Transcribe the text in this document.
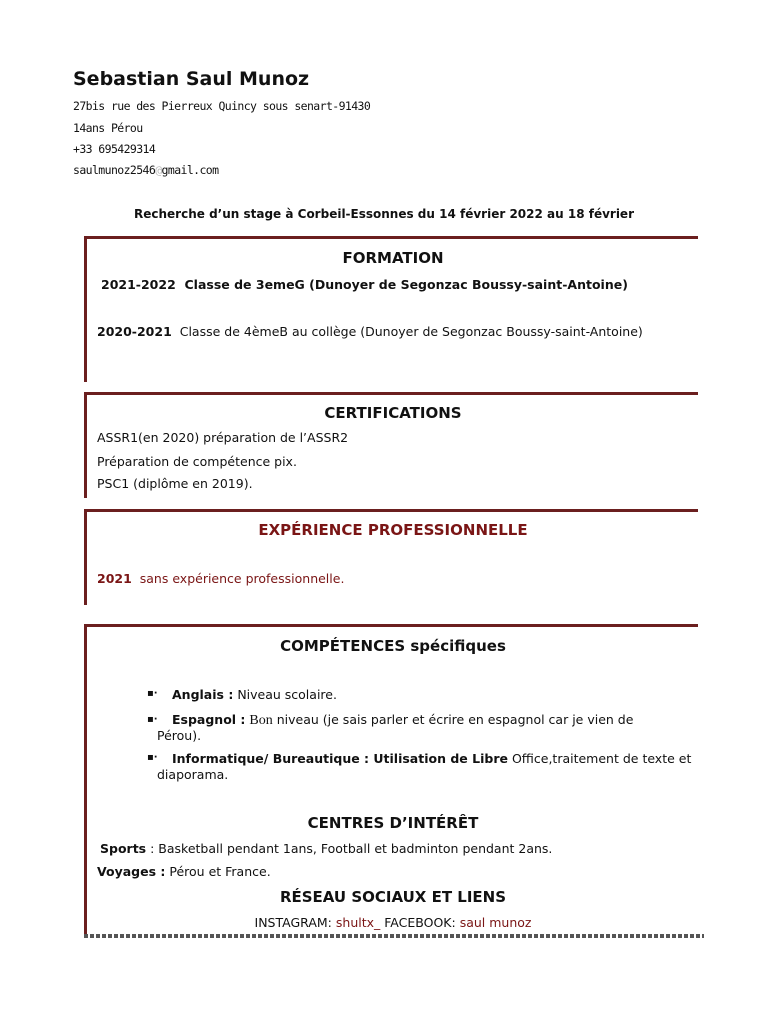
Sebastian Saul Munoz
27bis rue des Pierreux Quincy sous senart-91430
14ans Pérou
+33 695429314
saulmunoz2546@gmail.com
Recherche d’un stage à Corbeil-Essonnes du 14 février 2022 au 18 février
FORMATION
2021-2022 Classe de 3emeG (Dunoyer de Segonzac Boussy-saint-Antoine)
2020-2021 Classe de 4èmeB au collège (Dunoyer de Segonzac Boussy-saint-Antoine)
CERTIFICATIONS
ASSR1(en 2020) préparation de l’ASSR2
Préparation de compétence pix.
PSC1 (diplôme en 2019).
EXPÉRIENCE PROFESSIONNELLE
2021 sans expérience professionnelle.
COMPÉTENCES spécifiques
▪· Anglais : Niveau scolaire.
▪· Espagnol : Bon niveau (je sais parler et écrire en espagnol car je vien de
Pérou).
▪· Informatique/ Bureautique : Utilisation de Libre Office,traitement de texte et
diaporama.
CENTRES D’INTÉRÊT
Sports : Basketball pendant 1ans, Football et badminton pendant 2ans.
Voyages : Pérou et France.
RÉSEAU SOCIAUX ET LIENS
INSTAGRAM: shultx_ FACEBOOK: saul munoz
